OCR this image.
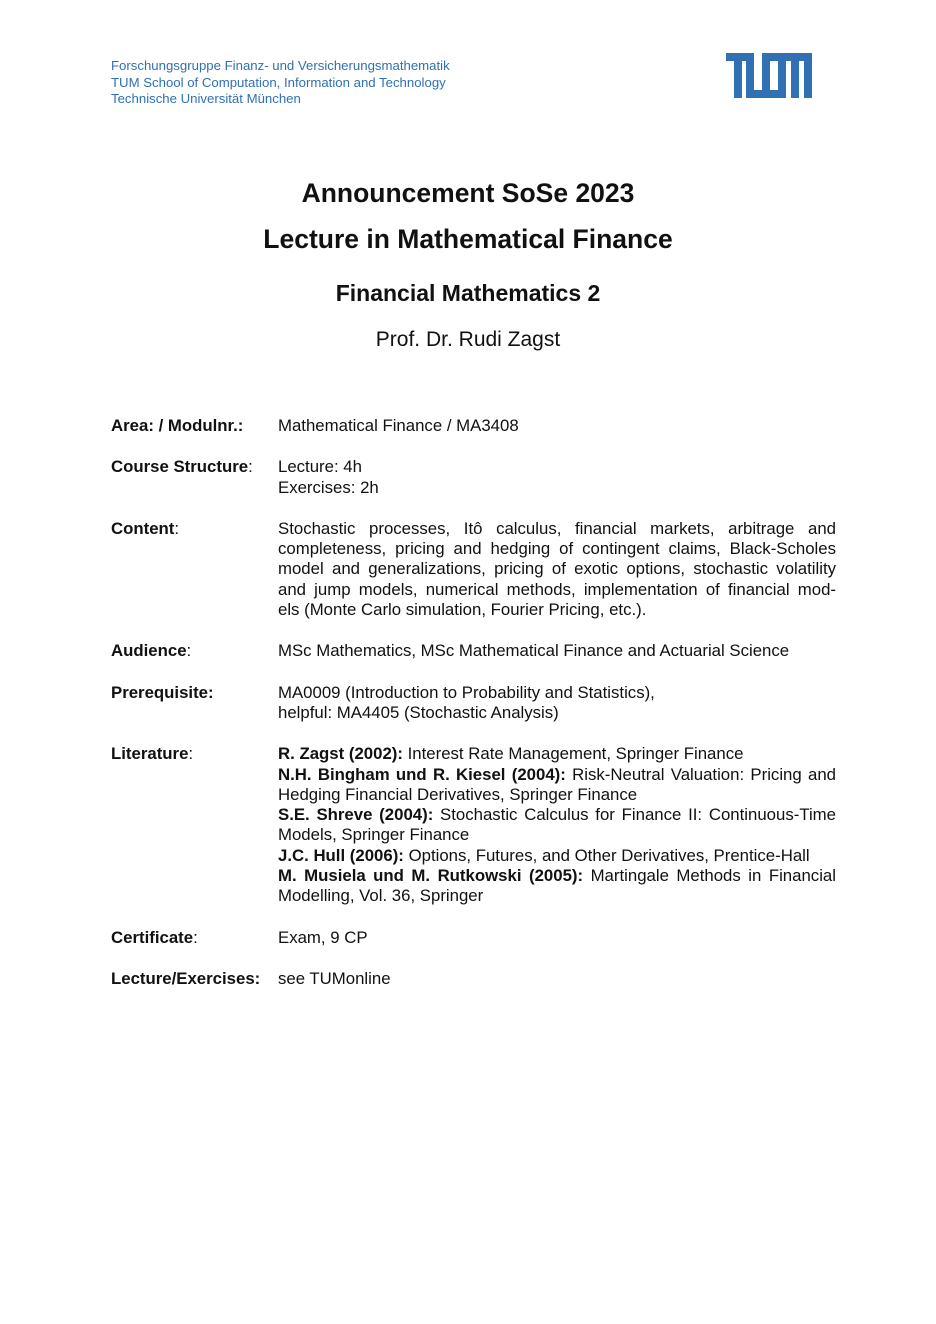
Forschungsgruppe Finanz- und Versicherungsmathematik
TUM School of Computation, Information and Technology
Technische Universität München
Announcement SoSe 2023
Lecture in Mathematical Finance
Financial Mathematics 2
Prof. Dr. Rudi Zagst
Area: / Modulnr.:	Mathematical Finance / MA3408
Course Structure:	Lecture: 4h
Exercises: 2h
Content:	Stochastic processes, Itô calculus, financial markets, arbitrage and
completeness, pricing and hedging of contingent claims, Black-Scholes
model and generalizations, pricing of exotic options, stochastic volatility
and jump models, numerical methods, implementation of financial mod-
els (Monte Carlo simulation, Fourier Pricing, etc.).
Audience:	MSc Mathematics, MSc Mathematical Finance and Actuarial Science
Prerequisite:	MA0009 (Introduction to Probability and Statistics),
helpful: MA4405 (Stochastic Analysis)
Literature:	R. Zagst (2002): Interest Rate Management, Springer Finance
N.H. Bingham und R. Kiesel (2004): Risk-Neutral Valuation: Pricing and Hedging Financial Derivatives, Springer Finance
S.E. Shreve (2004): Stochastic Calculus for Finance II: Continuous-Time Models, Springer Finance
J.C. Hull (2006): Options, Futures, and Other Derivatives, Prentice-Hall
M. Musiela und M. Rutkowski (2005): Martingale Methods in Financial Modelling, Vol. 36, Springer
Certificate:	Exam, 9 CP
Lecture/Exercises:	see TUMonline
